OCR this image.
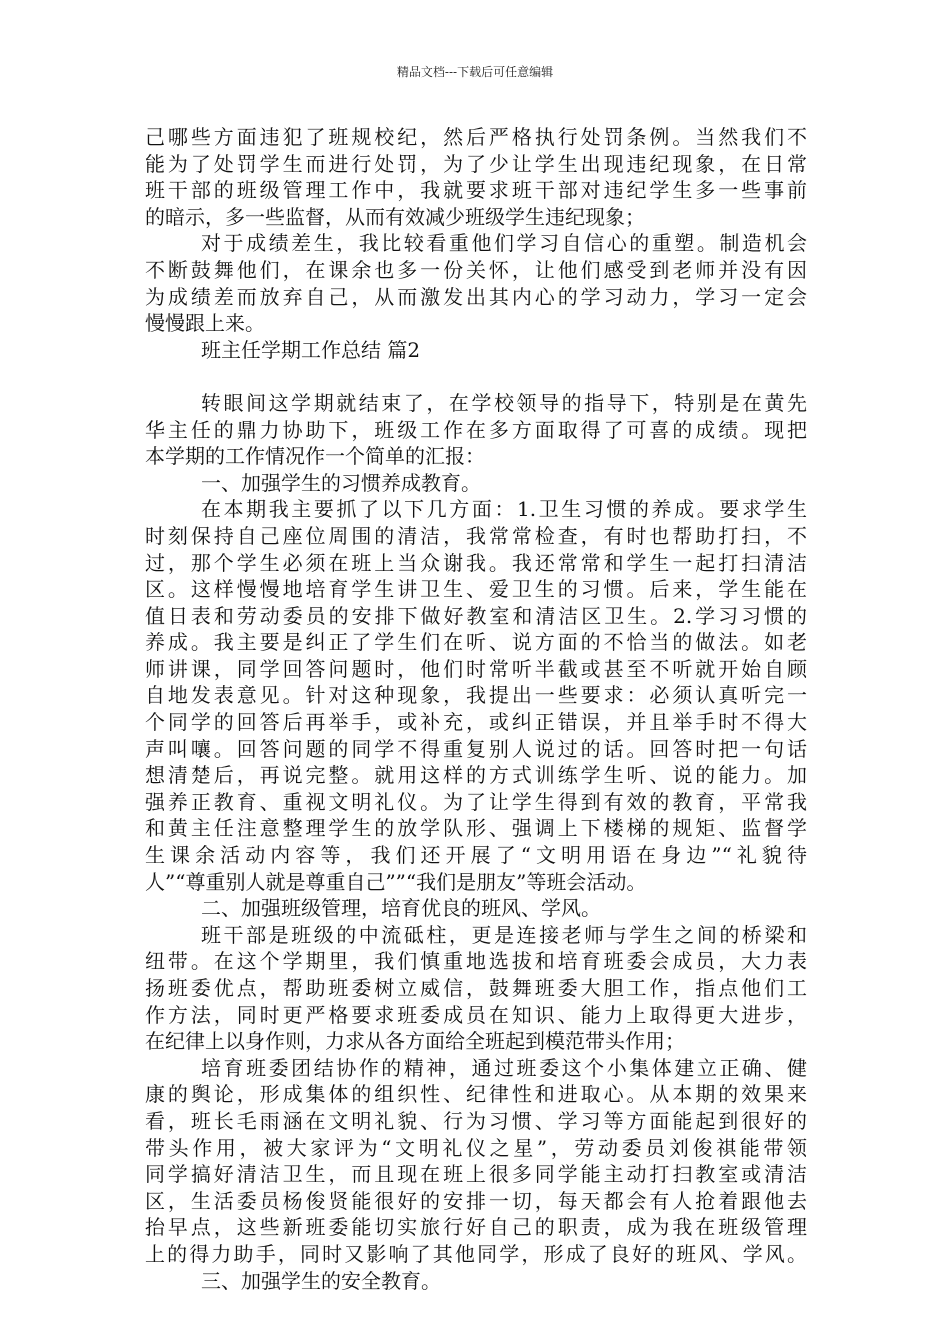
精品文档---下载后可任意编辑
己哪些方面违犯了班规校纪，然后严格执行处罚条例。当然我们不
能为了处罚学生而进行处罚，为了少让学生出现违纪现象，在日常
班干部的班级管理工作中，我就要求班干部对违纪学生多一些事前
的暗示，多一些监督，从而有效减少班级学生违纪现象；
对于成绩差生，我比较看重他们学习自信心的重塑。制造机会
不断鼓舞他们，在课余也多一份关怀，让他们感受到老师并没有因
为成绩差而放弃自己，从而激发出其内心的学习动力，学习一定会
慢慢跟上来。
班主任学期工作总结 篇2
转眼间这学期就结束了，在学校领导的指导下，特别是在黄先
华主任的鼎力协助下，班级工作在多方面取得了可喜的成绩。现把
本学期的工作情况作一个简单的汇报：
一、加强学生的习惯养成教育。
在本期我主要抓了以下几方面：1.卫生习惯的养成。要求学生
时刻保持自己座位周围的清洁，我常常检查，有时也帮助打扫，不
过，那个学生必须在班上当众谢我。我还常常和学生一起打扫清洁
区。这样慢慢地培育学生讲卫生、爱卫生的习惯。后来，学生能在
值日表和劳动委员的安排下做好教室和清洁区卫生。2.学习习惯的
养成。我主要是纠正了学生们在听、说方面的不恰当的做法。如老
师讲课，同学回答问题时，他们时常听半截或甚至不听就开始自顾
自地发表意见。针对这种现象，我提出一些要求：必须认真听完一
个同学的回答后再举手，或补充，或纠正错误，并且举手时不得大
声叫嚷。回答问题的同学不得重复别人说过的话。回答时把一句话
想清楚后，再说完整。就用这样的方式训练学生听、说的能力。加
强养正教育、重视文明礼仪。为了让学生得到有效的教育，平常我
和黄主任注意整理学生的放学队形、强调上下楼梯的规矩、监督学
生课余活动内容等，我们还开展了“文明用语在身边”“礼貌待
人”“尊重别人就是尊重自己””“我们是朋友”等班会活动。
二、加强班级管理，培育优良的班风、学风。
班干部是班级的中流砥柱，更是连接老师与学生之间的桥梁和
纽带。在这个学期里，我们慎重地选拔和培育班委会成员，大力表
扬班委优点，帮助班委树立威信，鼓舞班委大胆工作，指点他们工
作方法，同时更严格要求班委成员在知识、能力上取得更大进步，
在纪律上以身作则，力求从各方面给全班起到模范带头作用；
培育班委团结协作的精神，通过班委这个小集体建立正确、健
康的舆论，形成集体的组织性、纪律性和进取心。从本期的效果来
看，班长毛雨涵在文明礼貌、行为习惯、学习等方面能起到很好的
带头作用，被大家评为“文明礼仪之星”，劳动委员刘俊祺能带领
同学搞好清洁卫生，而且现在班上很多同学能主动打扫教室或清洁
区，生活委员杨俊贤能很好的安排一切，每天都会有人抢着跟他去
抬早点，这些新班委能切实旅行好自己的职责，成为我在班级管理
上的得力助手，同时又影响了其他同学，形成了良好的班风、学风。
三、加强学生的安全教育。
